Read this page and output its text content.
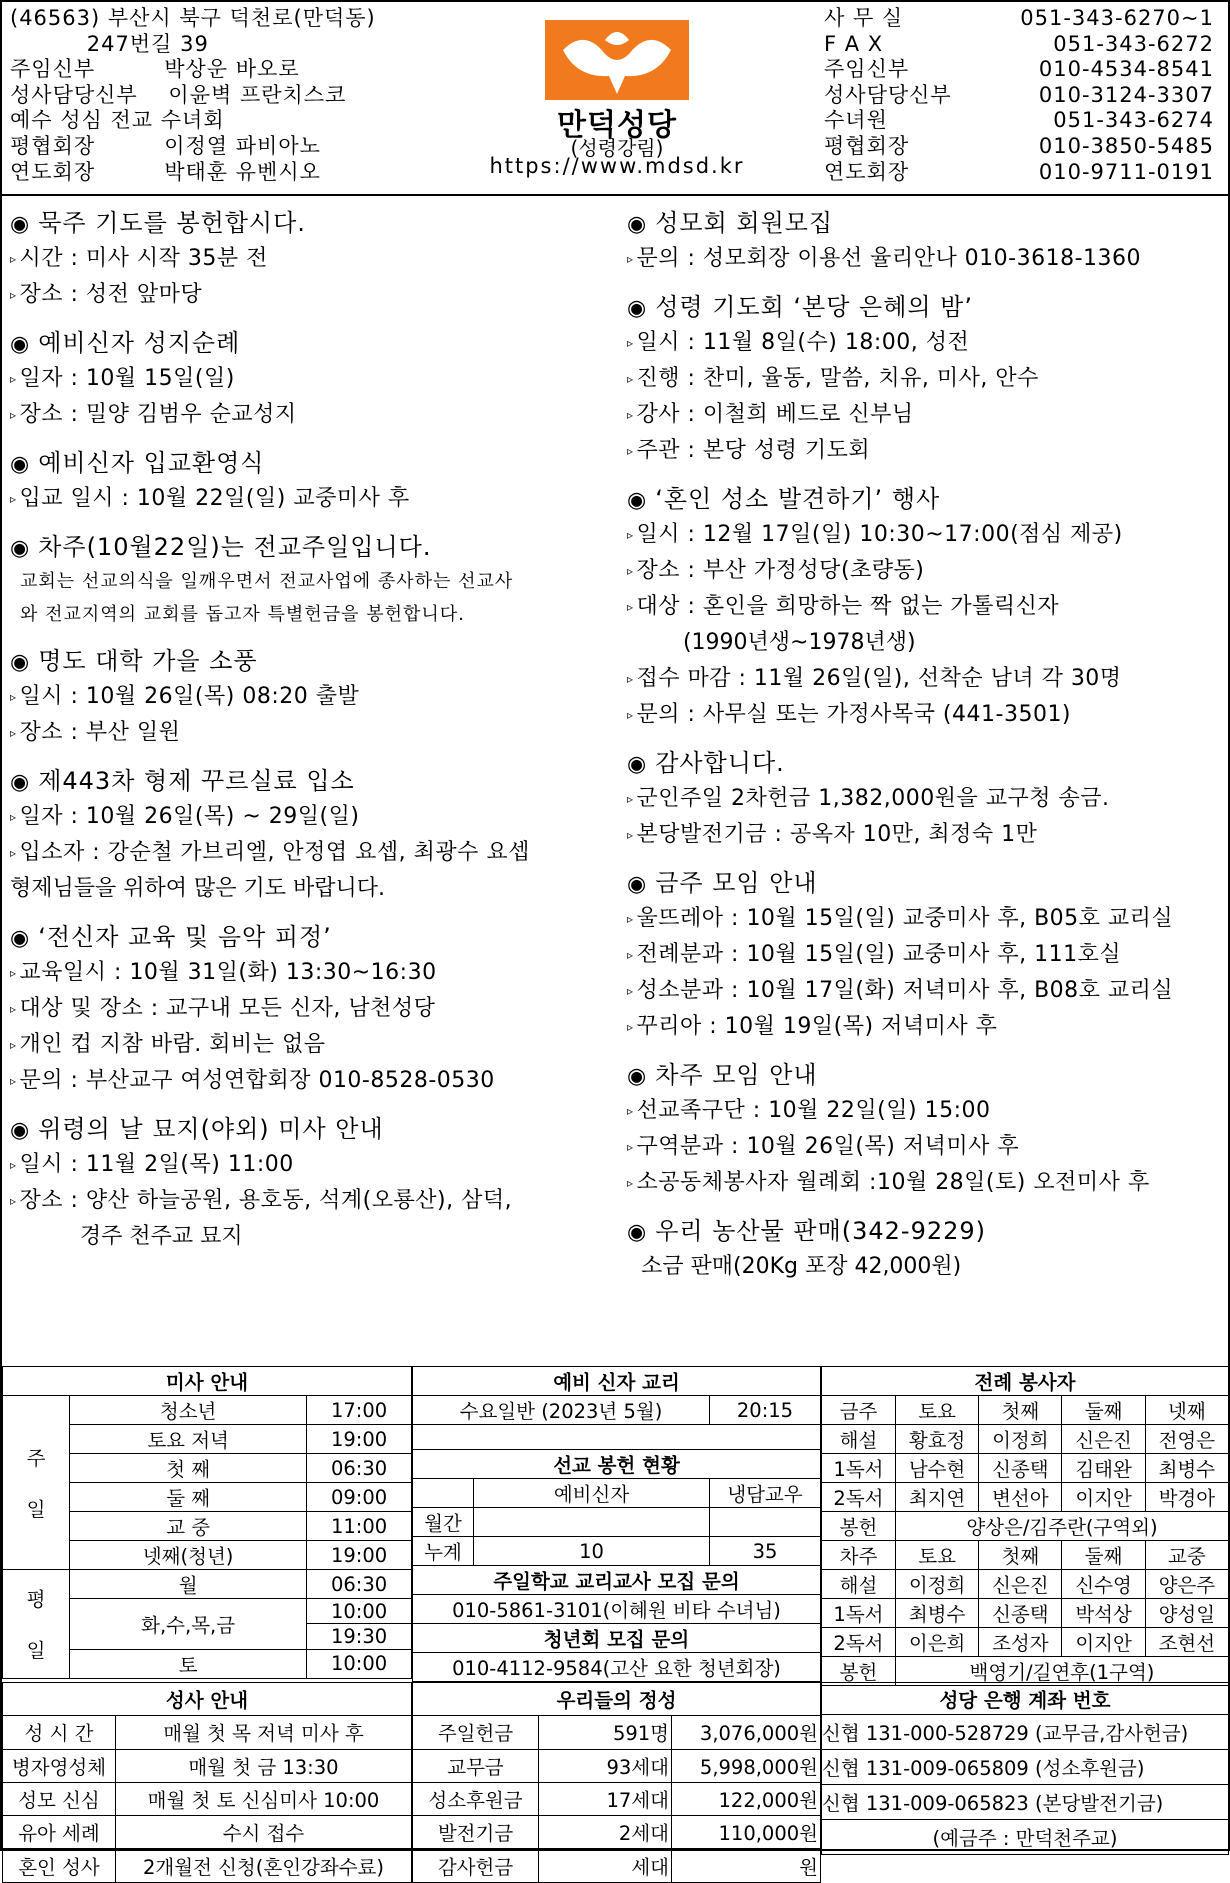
(46563) 부산시 북구 덕천로(만덕동)
247번길 39
주임신부         박상운 바오로
성사담당신부    이윤벽 프란치스코
예수 성심 전교 수녀회
평협회장         이정열 파비아노
연도회장         박태훈 유벤시오
만덕성당
(성령강림)
https://www.mdsd.kr
사 무 실	051-343-6270~1
F A X	051-343-6272
주임신부	010-4534-8541
성사담당신부	010-3124-3307
수녀원	051-343-6274
평협회장	010-3850-5485
연도회장	010-9711-0191
◉ 묵주 기도를 봉헌합시다.
▹ 시간 : 미사 시작 35분 전
▹ 장소 : 성전 앞마당
◉ 예비신자 성지순례
▹ 일자 : 10월 15일(일)
▹ 장소 : 밀양 김범우 순교성지
◉ 예비신자 입교환영식
▹ 입교 일시 : 10월 22일(일) 교중미사 후
◉ 차주(10월22일)는 전교주일입니다.
교회는 선교의식을 일깨우면서 전교사업에 종사하는 선교사
와 전교지역의 교회를 돕고자 특별헌금을 봉헌합니다.
◉ 명도 대학 가을 소풍
▹ 일시 : 10월 26일(목) 08:20 출발
▹ 장소 : 부산 일원
◉ 제443차 형제 꾸르실료 입소
▹ 일자 : 10월 26일(목) ~ 29일(일)
▹ 입소자 : 강순철 가브리엘, 안정엽 요셉, 최광수 요셉
형제님들을 위하여 많은 기도 바랍니다.
◉ ‘전신자 교육 및 음악 피정’
▹ 교육일시 : 10월 31일(화) 13:30~16:30
▹ 대상 및 장소 : 교구내 모든 신자, 남천성당
▹ 개인 컵 지참 바람. 회비는 없음
▹ 문의 : 부산교구 여성연합회장 010-8528-0530
◉ 위령의 날 묘지(야외) 미사 안내
▹ 일시 : 11월 2일(목) 11:00
▹ 장소 : 양산 하늘공원, 용호동, 석계(오룡산), 삼덕,
경주 천주교 묘지
◉ 성모회 회원모집
▹ 문의 : 성모회장 이용선 율리안나 010-3618-1360
◉ 성령 기도회 ‘본당 은혜의 밤’
▹ 일시 : 11월 8일(수) 18:00, 성전
▹ 진행 : 찬미, 율동, 말씀, 치유, 미사, 안수
▹ 강사 : 이철희 베드로 신부님
▹ 주관 : 본당 성령 기도회
◉ ‘혼인 성소 발견하기’ 행사
▹ 일시 : 12월 17일(일) 10:30~17:00(점심 제공)
▹ 장소 : 부산 가정성당(초량동)
▹ 대상 : 혼인을 희망하는 짝 없는 가톨릭신자
(1990년생~1978년생)
▹ 접수 마감 : 11월 26일(일), 선착순 남녀 각 30명
▹ 문의 : 사무실 또는 가정사목국 (441-3501)
◉ 감사합니다.
▹ 군인주일 2차헌금 1,382,000원을 교구청 송금.
▹ 본당발전기금 : 공옥자 10만, 최정숙 1만
◉ 금주 모임 안내
▹ 울뜨레아 : 10월 15일(일) 교중미사 후, B05호 교리실
▹ 전례분과 : 10월 15일(일) 교중미사 후, 111호실
▹ 성소분과 : 10월 17일(화) 저녁미사 후, B08호 교리실
▹ 꾸리아 : 10월 19일(목) 저녁미사 후
◉ 차주 모임 안내
▹ 선교족구단 : 10월 22일(일) 15:00
▹ 구역분과 : 10월 26일(목) 저녁미사 후
▹ 소공동체봉사자 월례회 :10월 28일(토) 오전미사 후
◉ 우리 농산물 판매(342-9229)
소금 판매(20Kg 포장 42,000원)
미사 안내		
주

일	청소년	17:00
	토요 저녁	19:00
	첫 째	06:30
	둘 째	09:00
	교 중	11:00
	넷째(청년)	19:00
평

일	월	06:30
	화,수,목,금	10:00
		19:30
	토	10:00
예비 신자 교리		
수요일반 (2023년 5월)		20:15

선교 봉헌 현황		
	예비신자	냉담교우
월간		
누계	10	35
주일학교 교리교사 모집 문의		
010-5861-3101(이혜원 비타 수녀님)		
청년회 모집 문의		
010-4112-9584(고산 요한 청년회장)		
전례 봉사자				
금주	토요	첫째	둘째	넷째
해설	황효정	이정희	신은진	전영은
1독서	남수현	신종택	김태완	최병수
2독서	최지연	변선아	이지안	박경아
봉헌	양상은/김주란(구역외)			
차주	토요	첫째	둘째	교중
해설	이정희	신은진	신수영	양은주
1독서	최병수	신종택	박석상	양성일
2독서	이은희	조성자	이지안	조현선
봉헌	백영기/길연후(1구역)			
성사 안내	
성 시 간	매월 첫 목 저녁 미사 후
병자영성체	매월 첫 금 13:30
성모 신심	매월 첫 토 신심미사 10:00
유아 세례	수시 접수
혼인 성사	2개월전 신청(혼인강좌수료)
우리들의 정성		
주일헌금	591명	3,076,000원
교무금	93세대	5,998,000원
성소후원금	17세대	122,000원
발전기금	2세대	110,000원
감사헌금	세대	원
성당 은행 계좌 번호
신협 131-000-528729 (교무금,감사헌금)
신협 131-009-065809 (성소후원금)
신협 131-009-065823 (본당발전기금)
(예금주 : 만덕천주교)
